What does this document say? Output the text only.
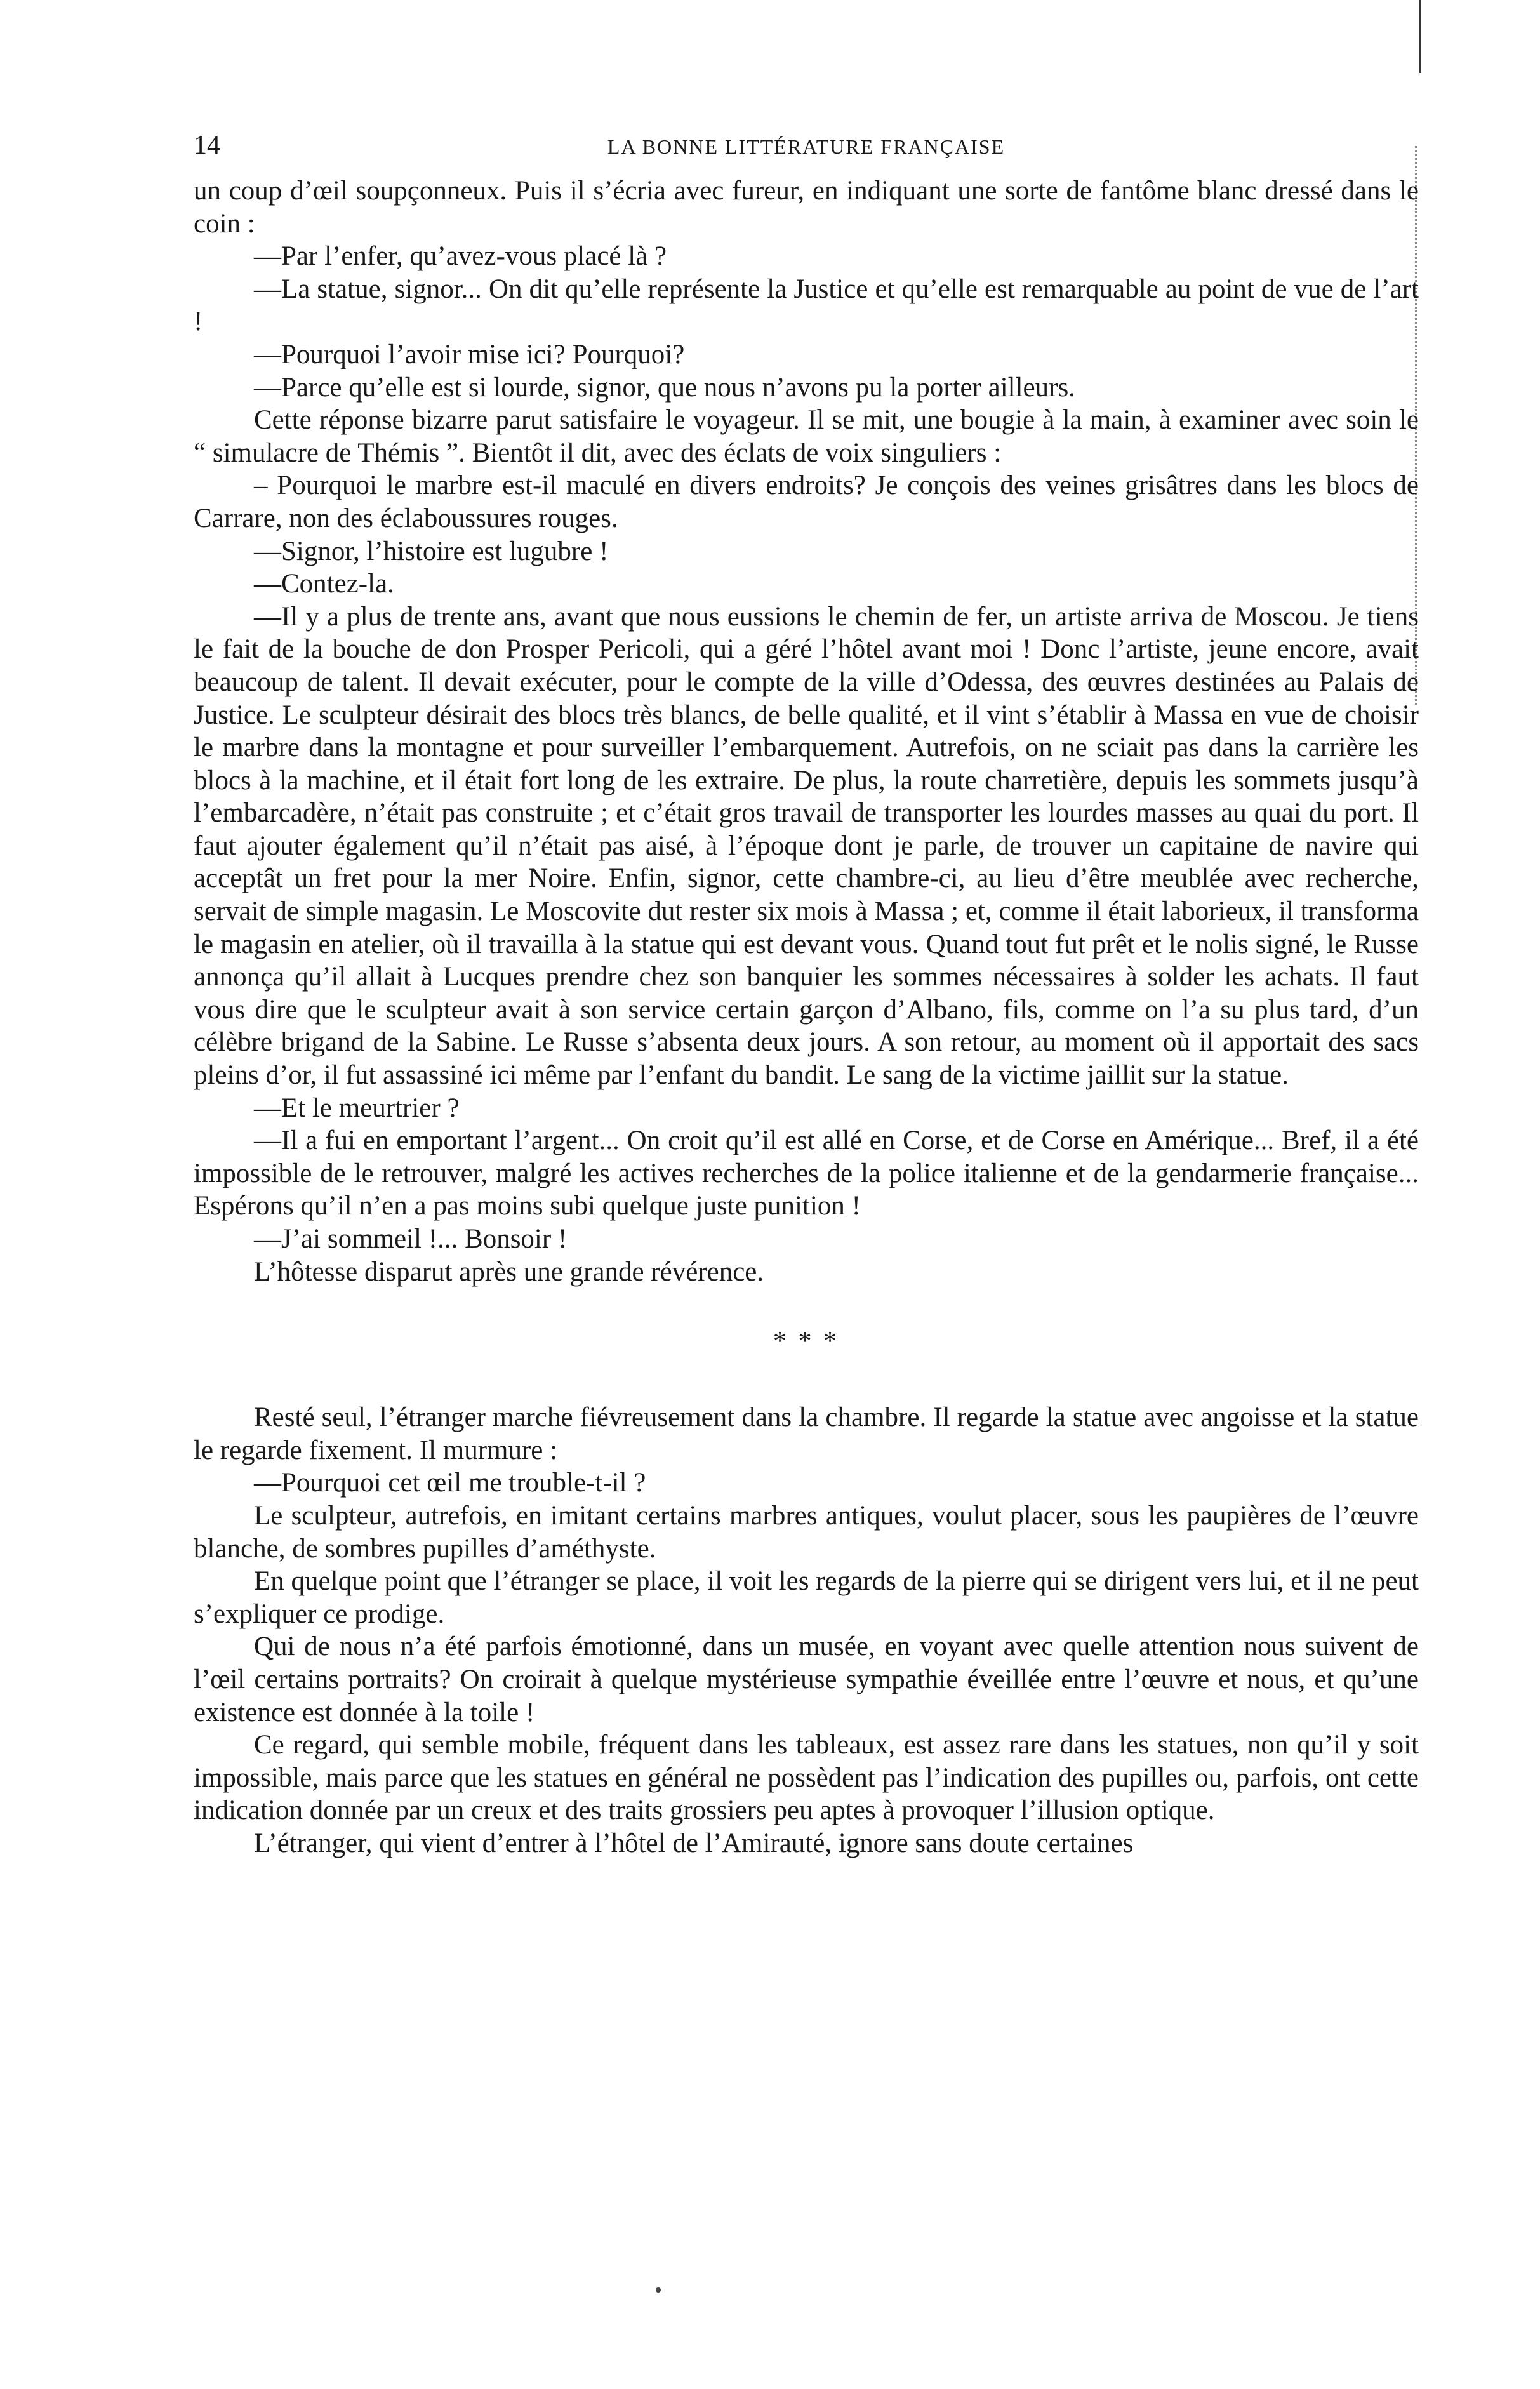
14	LA BONNE LITTÉRATURE FRANÇAISE

un coup d’œil soupçonneux. Puis il s’écria avec fureur, en indiquant une sorte de fantôme blanc dressé dans le coin :

—Par l’enfer, qu’avez-vous placé là ?

—La statue, signor... On dit qu’elle représente la Justice et qu’elle est remarquable au point de vue de l’art !

—Pourquoi l’avoir mise ici? Pourquoi?

—Parce qu’elle est si lourde, signor, que nous n’avons pu la porter ailleurs.

Cette réponse bizarre parut satisfaire le voyageur. Il se mit, une bougie à la main, à examiner avec soin le “ simulacre de Thémis ”. Bientôt il dit, avec des éclats de voix singuliers :

– Pourquoi le marbre est-il maculé en divers endroits? Je conçois des veines grisâtres dans les blocs de Carrare, non des éclaboussures rouges.

—Signor, l’histoire est lugubre !

—Contez-la.

—Il y a plus de trente ans, avant que nous eussions le chemin de fer, un artiste arriva de Moscou. Je tiens le fait de la bouche de don Prosper Pericoli, qui a géré l’hôtel avant moi ! Donc l’artiste, jeune encore, avait beaucoup de talent. Il devait exécuter, pour le compte de la ville d’Odessa, des œuvres destinées au Palais de Justice. Le sculpteur désirait des blocs très blancs, de belle qualité, et il vint s’établir à Massa en vue de choisir le marbre dans la montagne et pour surveiller l’embarquement. Autrefois, on ne sciait pas dans la carrière les blocs à la machine, et il était fort long de les extraire. De plus, la route charretière, depuis les sommets jusqu’à l’embarcadère, n’était pas construite ; et c’était gros travail de transporter les lourdes masses au quai du port. Il faut ajouter également qu’il n’était pas aisé, à l’époque dont je parle, de trouver un capitaine de navire qui acceptât un fret pour la mer Noire. Enfin, signor, cette chambre-ci, au lieu d’être meublée avec recherche, servait de simple magasin. Le Moscovite dut rester six mois à Massa ; et, comme il était laborieux, il transforma le magasin en atelier, où il travailla à la statue qui est devant vous. Quand tout fut prêt et le nolis signé, le Russe annonça qu’il allait à Lucques prendre chez son banquier les sommes nécessaires à solder les achats. Il faut vous dire que le sculpteur avait à son service certain garçon d’Albano, fils, comme on l’a su plus tard, d’un célèbre brigand de la Sabine. Le Russe s’absenta deux jours. A son retour, au moment où il apportait des sacs pleins d’or, il fut assassiné ici même par l’enfant du bandit. Le sang de la victime jaillit sur la statue.

—Et le meurtrier ?

—Il a fui en emportant l’argent... On croit qu’il est allé en Corse, et de Corse en Amérique... Bref, il a été impossible de le retrouver, malgré les actives recherches de la police italienne et de la gendarmerie française... Espérons qu’il n’en a pas moins subi quelque juste punition !

—J’ai sommeil !... Bonsoir !

L’hôtesse disparut après une grande révérence.

* * *

Resté seul, l’étranger marche fiévreusement dans la chambre. Il regarde la statue avec angoisse et la statue le regarde fixement. Il murmure :

—Pourquoi cet œil me trouble-t-il ?

Le sculpteur, autrefois, en imitant certains marbres antiques, voulut placer, sous les paupières de l’œuvre blanche, de sombres pupilles d’améthyste.

En quelque point que l’étranger se place, il voit les regards de la pierre qui se dirigent vers lui, et il ne peut s’expliquer ce prodige.

Qui de nous n’a été parfois émotionné, dans un musée, en voyant avec quelle attention nous suivent de l’œil certains portraits? On croirait à quelque mystérieuse sympathie éveillée entre l’œuvre et nous, et qu’une existence est donnée à la toile !

Ce regard, qui semble mobile, fréquent dans les tableaux, est assez rare dans les statues, non qu’il y soit impossible, mais parce que les statues en général ne possèdent pas l’indication des pupilles ou, parfois, ont cette indication donnée par un creux et des traits grossiers peu aptes à provoquer l’illusion optique.

L’étranger, qui vient d’entrer à l’hôtel de l’Amirauté, ignore sans doute certaines
